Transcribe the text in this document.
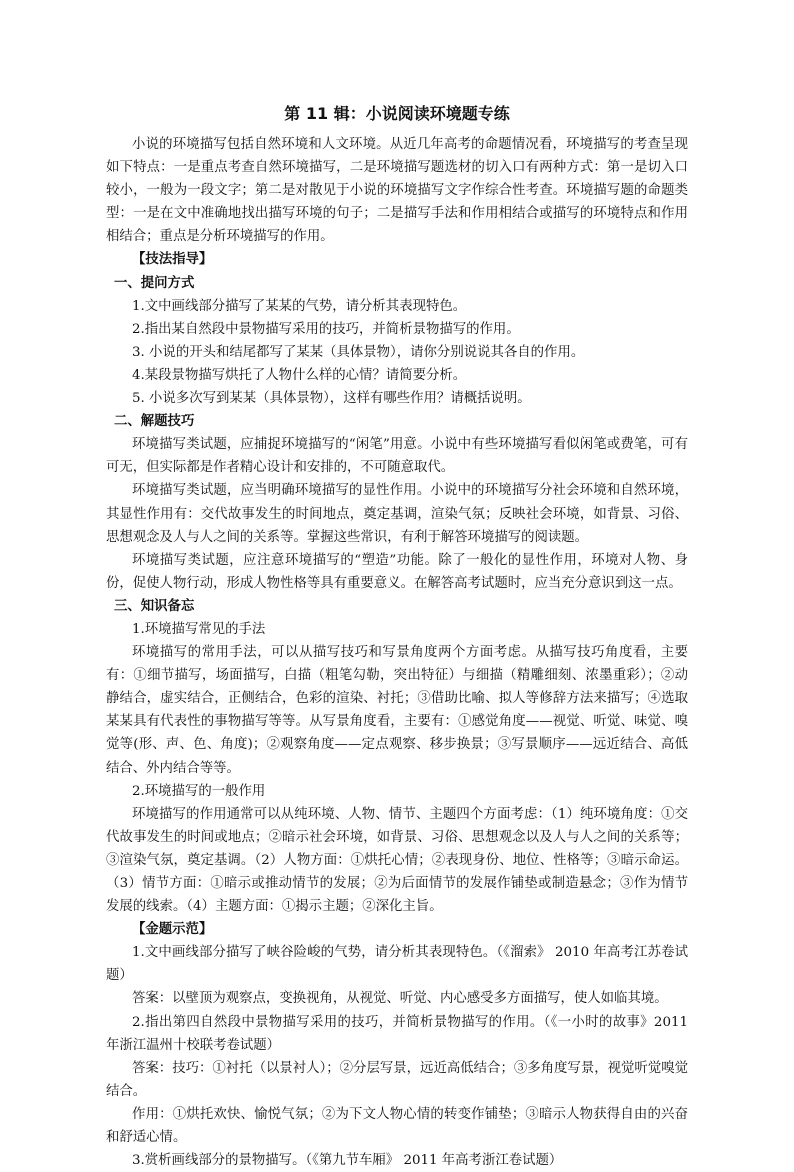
第 11 辑：小说阅读环境题专练

小说的环境描写包括自然环境和人文环境。从近几年高考的命题情况看，环境描写的考查呈现如下特点：一是重点考查自然环境描写，二是环境描写题选材的切入口有两种方式：第一是切入口较小，一般为一段文字；第二是对散见于小说的环境描写文字作综合性考查。环境描写题的命题类型：一是在文中准确地找出描写环境的句子；二是描写手法和作用相结合或描写的环境特点和作用相结合；重点是分析环境描写的作用。

【技法指导】

一、提问方式

1.文中画线部分描写了某某的气势，请分析其表现特色。

2.指出某自然段中景物描写采用的技巧，并简析景物描写的作用。

3. 小说的开头和结尾都写了某某（具体景物），请你分别说说其各自的作用。

4.某段景物描写烘托了人物什么样的心情？请简要分析。

5. 小说多次写到某某（具体景物），这样有哪些作用？请概括说明。

二、解题技巧

环境描写类试题，应捕捉环境描写的“闲笔”用意。小说中有些环境描写看似闲笔或费笔，可有可无，但实际都是作者精心设计和安排的，不可随意取代。

环境描写类试题，应当明确环境描写的显性作用。小说中的环境描写分社会环境和自然环境，其显性作用有：交代故事发生的时间地点，奠定基调，渲染气氛；反映社会环境，如背景、习俗、思想观念及人与人之间的关系等。掌握这些常识，有利于解答环境描写的阅读题。

环境描写类试题，应注意环境描写的“塑造”功能。除了一般化的显性作用，环境对人物、身份，促使人物行动，形成人物性格等具有重要意义。在解答高考试题时，应当充分意识到这一点。

三、知识备忘

1.环境描写常见的手法

环境描写的常用手法，可以从描写技巧和写景角度两个方面考虑。从描写技巧角度看，主要有：①细节描写，场面描写，白描（粗笔勾勒，突出特征）与细描（精雕细刻、浓墨重彩）；②动静结合，虚实结合，正侧结合，色彩的渲染、衬托；③借助比喻、拟人等修辞方法来描写；④选取某某具有代表性的事物描写等等。从写景角度看，主要有：①感觉角度——视觉、听觉、味觉、嗅觉等(形、声、色、角度)；②观察角度——定点观察、移步换景；③写景顺序——远近结合、高低结合、外内结合等等。

2.环境描写的一般作用

环境描写的作用通常可以从纯环境、人物、情节、主题四个方面考虑：（1）纯环境角度：①交代故事发生的时间或地点；②暗示社会环境，如背景、习俗、思想观念以及人与人之间的关系等；③渲染气氛，奠定基调。（2）人物方面：①烘托心情；②表现身份、地位、性格等；③暗示命运。（3）情节方面：①暗示或推动情节的发展；②为后面情节的发展作铺垫或制造悬念；③作为情节发展的线索。（4）主题方面：①揭示主题；②深化主旨。

【金题示范】

1.文中画线部分描写了峡谷险峻的气势，请分析其表现特色。（《溜索》 2010 年高考江苏卷试题）

答案：以壁顶为观察点，变换视角，从视觉、听觉、内心感受多方面描写，使人如临其境。

2.指出第四自然段中景物描写采用的技巧，并简析景物描写的作用。（《一小时的故事》2011 年浙江温州十校联考卷试题）

答案：技巧：①衬托（以景衬人）；②分层写景，远近高低结合；③多角度写景，视觉听觉嗅觉结合。

作用：①烘托欢快、愉悦气氛；②为下文人物心情的转变作铺垫；③暗示人物获得自由的兴奋和舒适心情。

3.赏析画线部分的景物描写。（《第九节车厢》 2011 年高考浙江卷试题）
